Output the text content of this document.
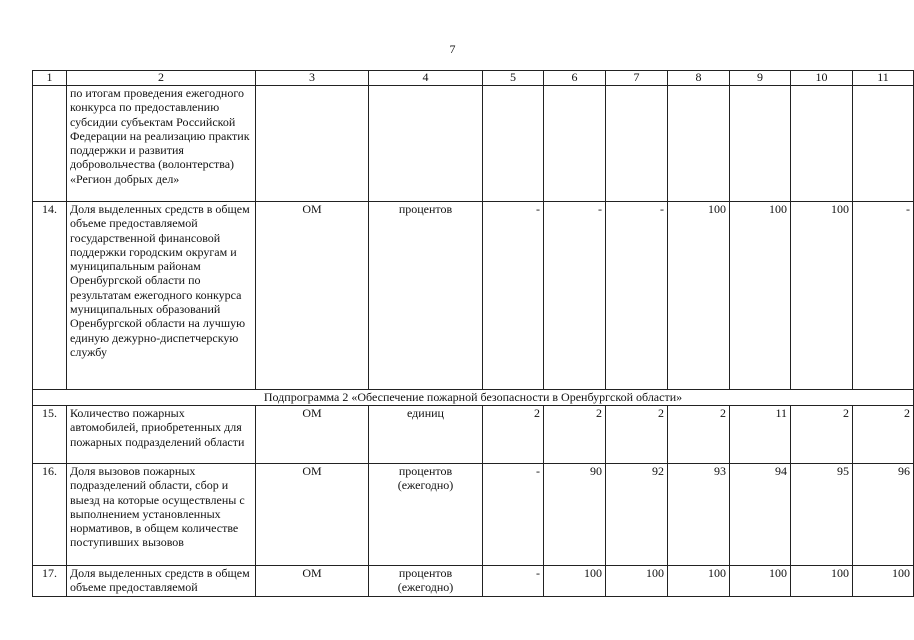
7
1	2	3	4	5	6	7	8	9	10	11
	по итогам проведения ежегодного конкурса по предоставлению субсидии субъектам Российской Федерации на реализацию практик поддержки и развития добровольчества (волонтерства) «Регион добрых дел»									
14.	Доля выделенных средств в общем объеме предоставляемой государственной финансовой поддержки городским округам и муниципальным районам Оренбургской области по результатам ежегодного конкурса муниципальных образований Оренбургской области на лучшую единую дежурно-диспетчерскую службу	ОМ	процентов	-	-	-	100	100	100	-
Подпрограмма 2 «Обеспечение пожарной безопасности в Оренбургской области»										
15.	Количество пожарных автомобилей, приобретенных для пожарных подразделений области	ОМ	единиц	2	2	2	2	11	2	2
16.	Доля вызовов пожарных подразделений области, сбор и выезд на которые осуществлены с выполнением установленных нормативов, в общем количестве поступивших вызовов	ОМ	процентов (ежегодно)	-	90	92	93	94	95	96
17.	Доля выделенных средств в общем объеме предоставляемой	ОМ	процентов (ежегодно)	-	100	100	100	100	100	100
